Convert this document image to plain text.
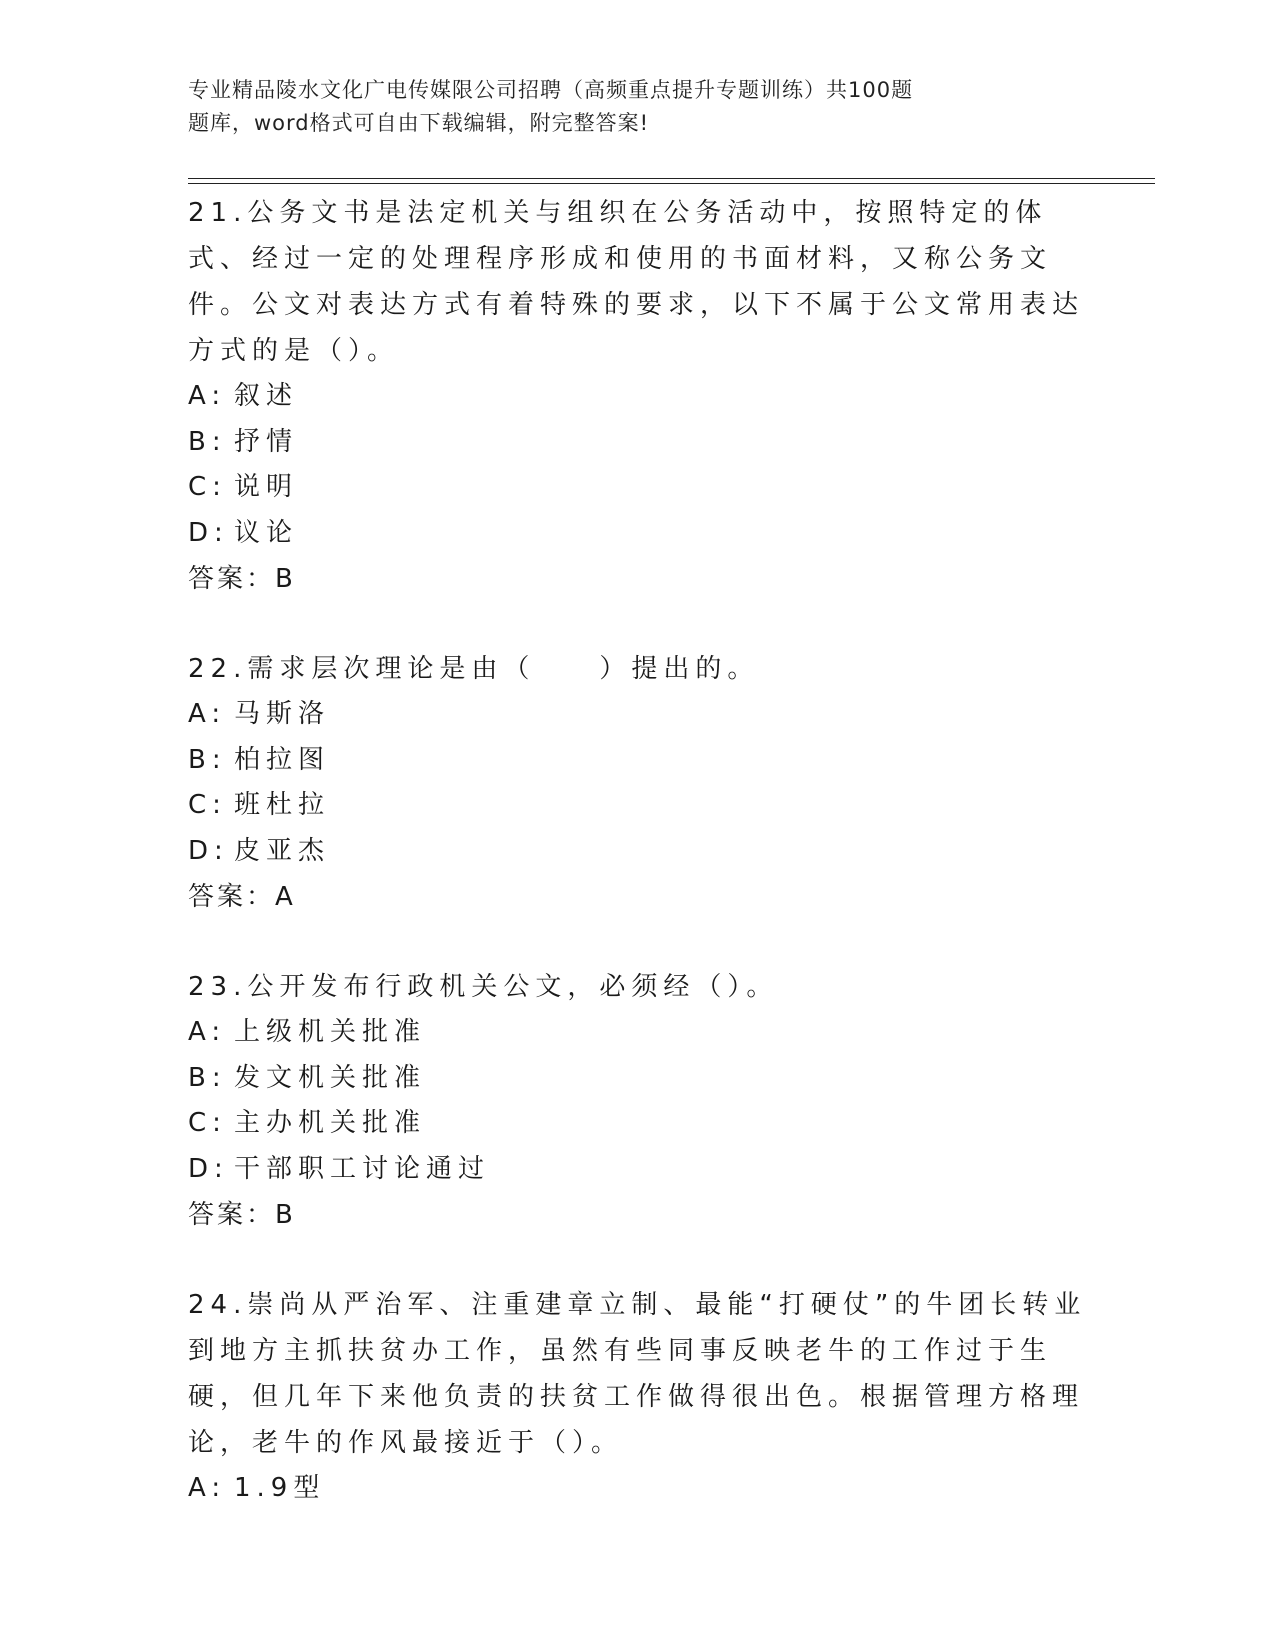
专业精品陵水文化广电传媒限公司招聘（高频重点提升专题训练）共100题
题库，word格式可自由下载编辑，附完整答案!

21.公务文书是法定机关与组织在公务活动中，按照特定的体式、经过一定的处理程序形成和使用的书面材料，又称公务文件。公文对表达方式有着特殊的要求，以下不属于公文常用表达方式的是（）。

A: 叙述
B: 抒情
C: 说明
D: 议论

答案：B

22.需求层次理论是由（　　）提出的。

A: 马斯洛
B: 柏拉图
C: 班杜拉
D: 皮亚杰

答案：A

23.公开发布行政机关公文，必须经（）。

A: 上级机关批准
B: 发文机关批准
C: 主办机关批准
D: 干部职工讨论通过

答案：B

24.崇尚从严治军、注重建章立制、最能“打硬仗”的牛团长转业到地方主抓扶贫办工作，虽然有些同事反映老牛的工作过于生硬，但几年下来他负责的扶贫工作做得很出色。根据管理方格理论，老牛的作风最接近于（）。

A: 1.9型
